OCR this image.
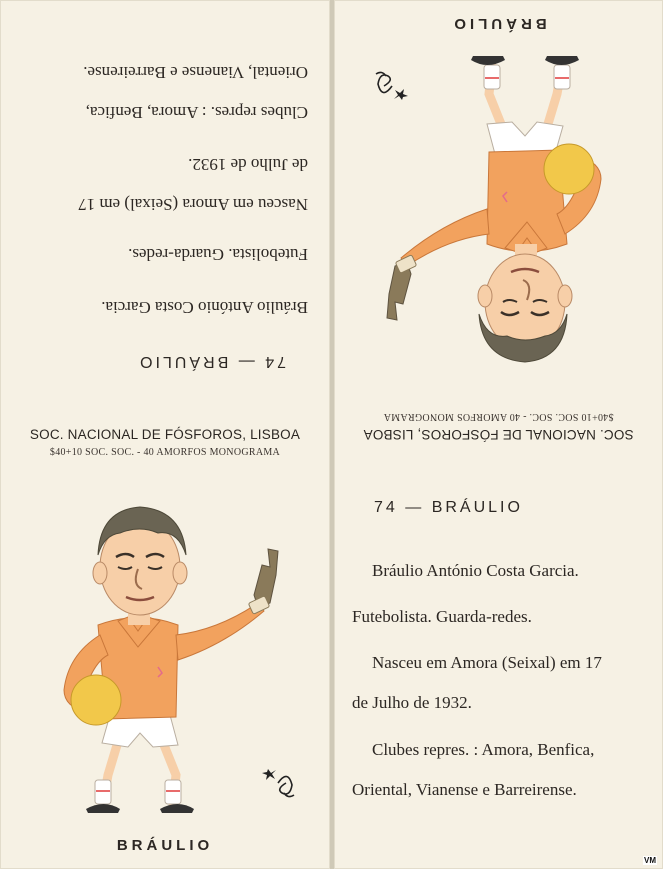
74 — BRÁULIO
Bráulio António Costa Garcia.
Futebolista. Guarda-redes.
Nasceu em Amora (Seixal) em 17
de Julho de 1932.
Clubes repres. : Amora, Benfica,
Oriental, Vianense e Barreirense.
SOC. NACIONAL DE FÓSFOROS, LISBOA
$40+10 SOC. SOC. - 40 AMORFOS MONOGRAMA
BRÁULIO
SOC. NACIONAL DE FÓSFOROS, LISBOA
$40+10 SOC. SOC. - 40 AMORFOS MONOGRAMA
BRÁULIO
74 — BRÁULIO
Bráulio António Costa Garcia.
Futebolista. Guarda-redes.
Nasceu em Amora (Seixal) em 17
de Julho de 1932.
Clubes repres. : Amora, Benfica,
Oriental, Vianense e Barreirense.
VM
